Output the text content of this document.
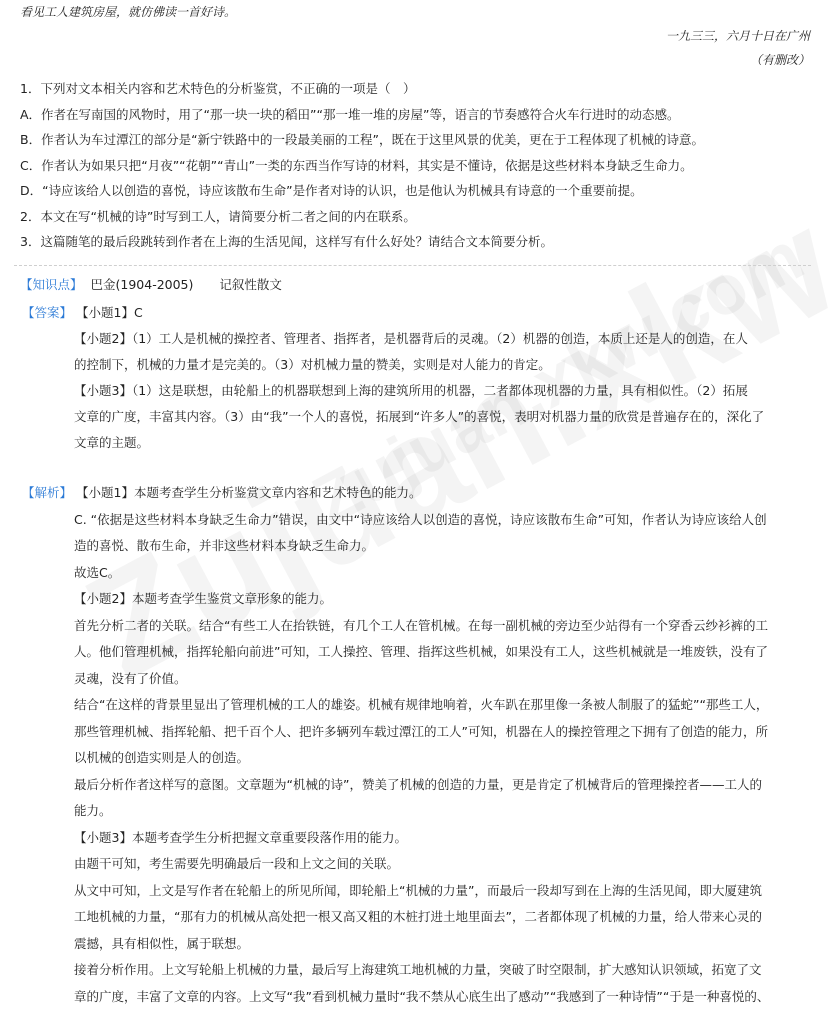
看见工人建筑房屋，就仿佛读一首好诗。
一九三三，六月十日在广州
（有删改）
1．下列对文本相关内容和艺术特色的分析鉴赏，不正确的一项是（　）
A．作者在写南国的风物时，用了“那一块一块的稻田”“那一堆一堆的房屋”等，语言的节奏感符合火车行进时的动态感。
B．作者认为车过潭江的部分是“新宁铁路中的一段最美丽的工程”，既在于这里风景的优美，更在于工程体现了机械的诗意。
C．作者认为如果只把“月夜”“花朝”“青山”一类的东西当作写诗的材料，其实是不懂诗，依据是这些材料本身缺乏生命力。
D．“诗应该给人以创造的喜悦，诗应该散布生命”是作者对诗的认识，也是他认为机械具有诗意的一个重要前提。
2．本文在写“机械的诗”时写到工人，请简要分析二者之间的内在联系。
3．这篇随笔的最后段跳转到作者在上海的生活见闻，这样写有什么好处？请结合文本简要分析。
【知识点】 巴金(1904-2005) 记叙性散文
【答案】 【小题1】C
【小题2】（1）工人是机械的操控者、管理者、指挥者，是机器背后的灵魂。（2）机器的创造，本质上还是人的创造，在人
的控制下，机械的力量才是完美的。（3）对机械力量的赞美，实则是对人能力的肯定。
【小题3】（1）这是联想，由轮船上的机器联想到上海的建筑所用的机器，二者都体现机器的力量，具有相似性。（2）拓展
文章的广度，丰富其内容。（3）由“我”一个人的喜悦，拓展到“许多人”的喜悦，表明对机器力量的欣赏是普遍存在的，深化了
文章的主题。
【解析】 【小题1】本题考查学生分析鉴赏文章内容和艺术特色的能力。
C. “依据是这些材料本身缺乏生命力”错误，由文中“诗应该给人以创造的喜悦，诗应该散布生命”可知，作者认为诗应该给人创
造的喜悦、散布生命，并非这些材料本身缺乏生命力。
故选C。
【小题2】本题考查学生鉴赏文章形象的能力。
首先分析二者的关联。结合“有些工人在抬铁链，有几个工人在管机械。在每一副机械的旁边至少站得有一个穿香云纱衫裤的工
人。他们管理机械，指挥轮船向前进”可知，工人操控、管理、指挥这些机械，如果没有工人，这些机械就是一堆废铁，没有了
灵魂，没有了价值。
结合“在这样的背景里显出了管理机械的工人的雄姿。机械有规律地响着，火车趴在那里像一条被人制服了的猛蛇”“那些工人，
那些管理机械、指挥轮船、把千百个人、把许多辆列车载过潭江的工人”可知，机器在人的操控管理之下拥有了创造的能力，所
以机械的创造实则是人的创造。
最后分析作者这样写的意图。文章题为“机械的诗”，赞美了机械的创造的力量，更是肯定了机械背后的管理操控者——工人的
能力。
【小题3】本题考查学生分析把握文章重要段落作用的能力。
由题干可知，考生需要先明确最后一段和上文之间的关联。
从文中可知，上文是写作者在轮船上的所见所闻，即轮船上“机械的力量”，而最后一段却写到在上海的生活见闻，即大厦建筑
工地机械的力量，“那有力的机械从高处把一根又高又粗的木桩打进土地里面去”，二者都体现了机械的力量，给人带来心灵的
震撼，具有相似性，属于联想。
接着分析作用。上文写轮船上机械的力量，最后写上海建筑工地机械的力量，突破了时空限制，扩大感知认识领域，拓宽了文
章的广度，丰富了文章的内容。上文写“我”看到机械力量时“我不禁从心底生出了感动”“我感到了一种诗情”“于是一种喜悦的、
